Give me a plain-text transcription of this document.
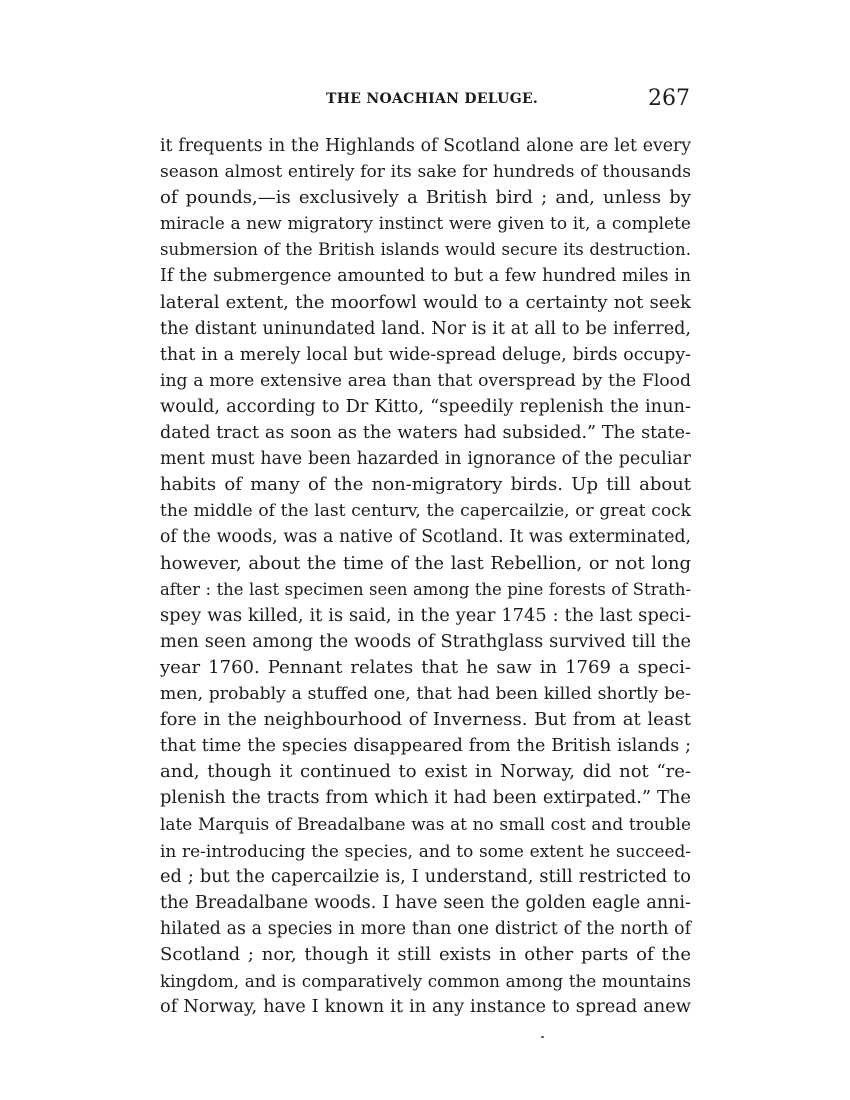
THE NOACHIAN DELUGE.	267
it frequents in the Highlands of Scotland alone are let every
season almost entirely for its sake for hundreds of thousands
of pounds,—is exclusively a British bird ; and, unless by
miracle a new migratory instinct were given to it, a complete
submersion of the British islands would secure its destruction.
If the submergence amounted to but a few hundred miles in
lateral extent, the moorfowl would to a certainty not seek
the distant uninundated land. Nor is it at all to be inferred,
that in a merely local but wide-spread deluge, birds occupy-
ing a more extensive area than that overspread by the Flood
would, according to Dr Kitto, “speedily replenish the inun-
dated tract as soon as the waters had subsided.” The state-
ment must have been hazarded in ignorance of the peculiar
habits of many of the non-migratory birds. Up till about
the middle of the last centurv, the capercailzie, or great cock
of the woods, was a native of Scotland. It was exterminated,
however, about the time of the last Rebellion, or not long
after : the last specimen seen among the pine forests of Strath-
spey was killed, it is said, in the year 1745 : the last speci-
men seen among the woods of Strathglass survived till the
year 1760. Pennant relates that he saw in 1769 a speci-
men, probably a stuffed one, that had been killed shortly be-
fore in the neighbourhood of Inverness. But from at least
that time the species disappeared from the British islands ;
and, though it continued to exist in Norway, did not “re-
plenish the tracts from which it had been extirpated.” The
late Marquis of Breadalbane was at no small cost and trouble
in re-introducing the species, and to some extent he succeed-
ed ; but the capercailzie is, I understand, still restricted to
the Breadalbane woods. I have seen the golden eagle anni-
hilated as a species in more than one district of the north of
Scotland ; nor, though it still exists in other parts of the
kingdom, and is comparatively common among the mountains
of Norway, have I known it in any instance to spread anew
